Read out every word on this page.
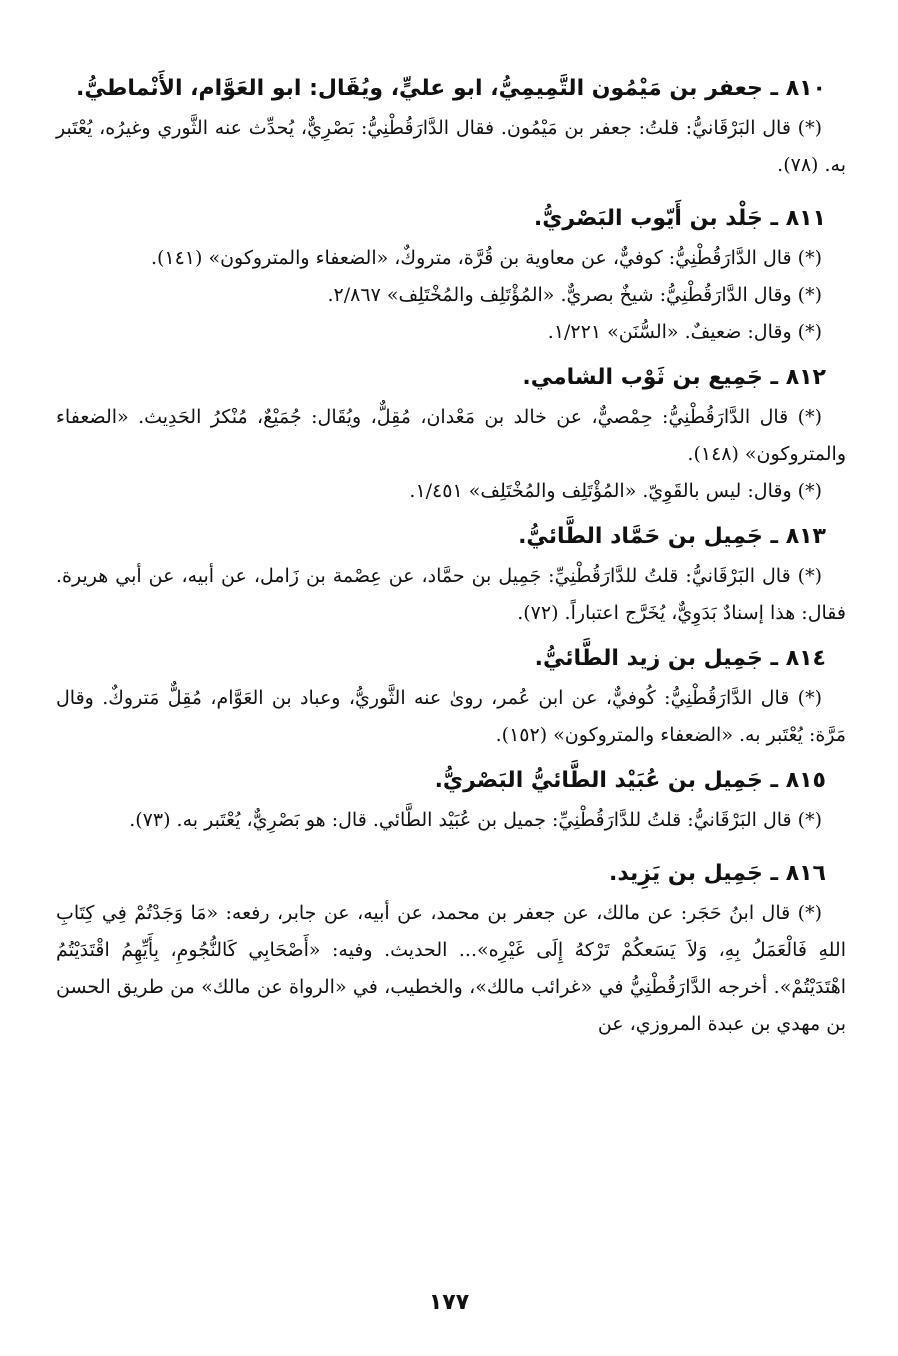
٨١٠ ـ جعفر بن مَيْمُون التَّمِيمِيُّ، ابو عليٍّ، ويُقَال: ابو العَوَّام، الأَنْماطيُّ.

(*) قال البَرْقَانيُّ: قلتُ: جعفر بن مَيْمُون. فقال الدَّارَقُطْنِيُّ: بَصْرِيٌّ، يُحدِّث عنه الثَّوري وغيرُه، يُعْتَبر به. (٧٨).

٨١١ ـ جَلْد بن أَيّوب البَصْريُّ.

(*) قال الدَّارَقُطْنِيُّ: كوفيٌّ، عن معاوية بن قُرَّة، متروكٌ، «الضعفاء والمتروكون» (١٤١).

(*) وقال الدَّارَقُطْنِيُّ: شيخٌ بصريٌّ. «المُؤْتَلِف والمُخْتَلِف» ٢/٨٦٧.

(*) وقال: ضعيفٌ. «السُّنَن» ١/٢٢١.

٨١٢ ـ جَمِيع بن ثَوْب الشامي.

(*) قال الدَّارَقُطْنِيُّ: حِمْصيٌّ، عن خالد بن مَعْدان، مُقِلٌّ، ويُقَال: جُمَيْعٌ، مُنْكرُ الحَدِيث. «الضعفاء والمتروكون» (١٤٨).

(*) وقال: ليس بالقَوِيّ. «المُؤْتَلِف والمُخْتَلِف» ١/٤٥١.

٨١٣ ـ جَمِيل بن حَمَّاد الطَّائيُّ.

(*) قال البَرْقَانيُّ: قلتُ للدَّارَقُطْنِيِّ: جَمِيل بن حمَّاد، عن عِصْمة بن زَامل، عن أبيه، عن أبي هريرة. فقال: هذا إسنادٌ بَدَوِيٌّ، يُخَرَّج اعتباراً. (٧٢).

٨١٤ ـ جَمِيل بن زيد الطَّائيُّ.

(*) قال الدَّارَقُطْنِيُّ: كُوفيٌّ، عن ابن عُمر، روىٰ عنه الثَّوريُّ، وعباد بن العَوَّام، مُقِلٌّ مَتروكٌ. وقال مَرَّة: يُعْتَبر به. «الضعفاء والمتروكون» (١٥٢).

٨١٥ ـ جَمِيل بن عُبَيْد الطَّائيُّ البَصْريُّ.

(*) قال البَرْقَانيُّ: قلتُ للدَّارَقُطْنِيِّ: جميل بن عُبَيْد الطَّائي. قال: هو بَصْرِيٌّ، يُعْتَبر به. (٧٣).

٨١٦ ـ جَمِيل بن يَزِيد.

(*) قال ابنُ حَجَر: عن مالك، عن جعفر بن محمد، عن أبيه، عن جابر، رفعه: «مَا وَجَدْتُمْ فِي كِتَابِ اللهِ فَالْعَمَلُ بِهِ، وَلاَ يَسَعكُمْ تَرْكهُ إِلَى غَيْرِه»... الحديث. وفيه: «أَصْحَابِي كَالنُّجُومِ، بِأَيِّهِمُ اقْتَدَيْتُمُ اهْتَدَيْتُمْ». أخرجه الدَّارَقُطْنِيُّ في «غرائب مالك»، والخطيب، في «الرواة عن مالك» من طريق الحسن بن مهدي بن عبدة المروزي، عن

١٧٧
